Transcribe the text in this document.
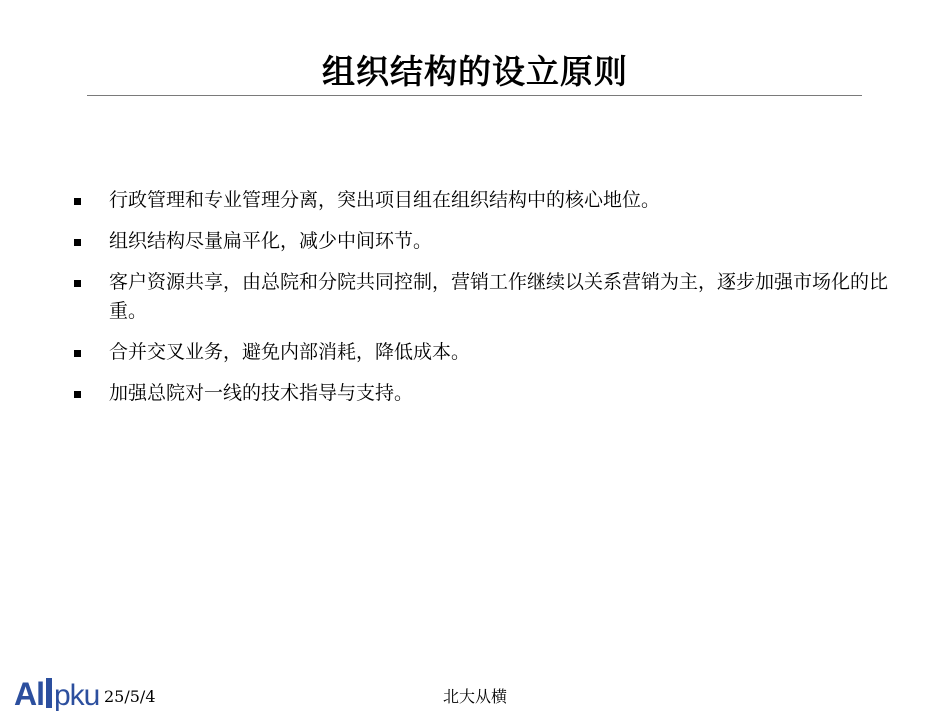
组织结构的设立原则
行政管理和专业管理分离，突出项目组在组织结构中的核心地位。
组织结构尽量扁平化，减少中间环节。
客户资源共享，由总院和分院共同控制，营销工作继续以关系营销为主，逐步加强市场化的比重。
合并交叉业务，避免内部消耗，降低成本。
加强总院对一线的技术指导与支持。
Al pku 25/5/4	北大从横
